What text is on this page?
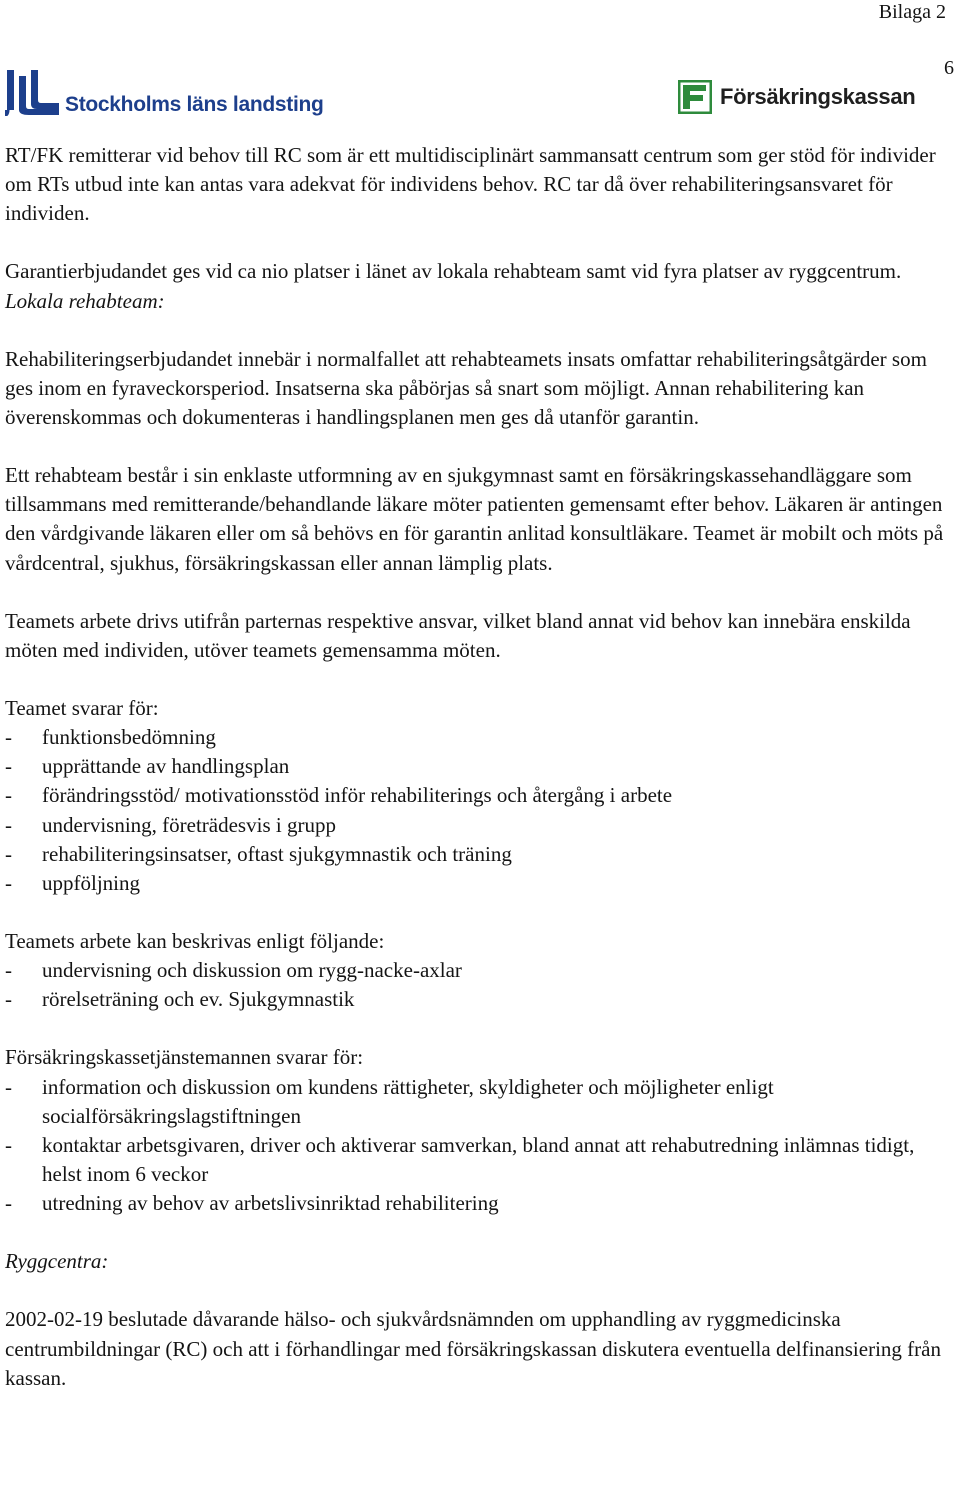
Bilaga 2
6
Stockholms läns landsting	Försäkringskassan

RT/FK remitterar vid behov till RC som är ett multidisciplinärt sammansatt centrum som ger stöd för individer om RTs utbud inte kan antas vara adekvat för individens behov. RC tar då över rehabiliteringsansvaret för individen.

Garantierbjudandet ges vid ca nio platser i länet av lokala rehabteam samt vid fyra platser av ryggcentrum.

Lokala rehabteam:

Rehabiliteringserbjudandet innebär i normalfallet att rehabteamets insats omfattar rehabiliteringsåtgärder som ges inom en fyraveckorsperiod. Insatserna ska påbörjas så snart som möjligt. Annan rehabilitering kan överenskommas och dokumenteras i handlingsplanen men ges då utanför garantin.

Ett rehabteam består i sin enklaste utformning av en sjukgymnast samt en försäkringskassehandläggare som tillsammans med remitterande/behandlande läkare möter patienten gemensamt efter behov. Läkaren är antingen den vårdgivande läkaren eller om så behövs en för garantin anlitad konsultläkare. Teamet är mobilt och möts på vårdcentral, sjukhus, försäkringskassan eller annan lämplig plats.

Teamets arbete drivs utifrån parternas respektive ansvar, vilket bland annat vid behov kan innebära enskilda möten med individen, utöver teamets gemensamma möten.

Teamet svarar för:
- funktionsbedömning
- upprättande av handlingsplan
- förändringsstöd/ motivationsstöd inför rehabiliterings och återgång i arbete
- undervisning, företrädesvis i grupp
- rehabiliteringsinsatser, oftast sjukgymnastik och träning
- uppföljning
Teamets arbete kan beskrivas enligt följande:
- undervisning och diskussion om rygg-nacke-axlar
- rörelseträning och ev. Sjukgymnastik
Försäkringskassetjänstemannen svarar för:
- information och diskussion om kundens rättigheter, skyldigheter och möjligheter enligt socialförsäkringslagstiftningen
- kontaktar arbetsgivaren, driver och aktiverar samverkan, bland annat att rehabutredning inlämnas tidigt, helst inom 6 veckor
- utredning av behov av arbetslivsinriktad rehabilitering

Ryggcentra:

2002-02-19 beslutade dåvarande hälso- och sjukvårdsnämnden om upphandling av ryggmedicinska centrumbildningar (RC) och att i förhandlingar med försäkringskassan diskutera eventuella delfinansiering från kassan.
